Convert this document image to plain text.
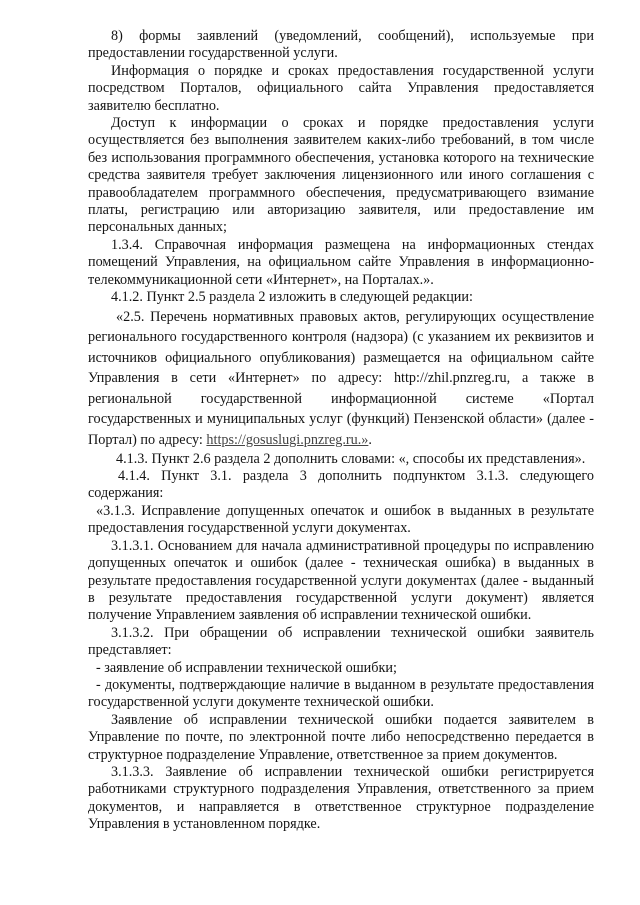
8) формы заявлений (уведомлений, сообщений), используемые при предоставлении государственной услуги.

Информация о порядке и сроках предоставления государственной услуги посредством Порталов, официального сайта Управления предоставляется заявителю бесплатно.

Доступ к информации о сроках и порядке предоставления услуги осуществляется без выполнения заявителем каких-либо требований, в том числе без использования программного обеспечения, установка которого на технические средства заявителя требует заключения лицензионного или иного соглашения с правообладателем программного обеспечения, предусматривающего взимание платы, регистрацию или авторизацию заявителя, или предоставление им персональных данных;

1.3.4. Справочная информация размещена на информационных стендах помещений Управления, на официальном сайте Управления в информационно-телекоммуникационной сети «Интернет», на Порталах.».

4.1.2. Пункт 2.5 раздела 2 изложить в следующей редакции:

«2.5. Перечень нормативных правовых актов, регулирующих осуществление регионального государственного контроля (надзора) (с указанием их реквизитов и источников официального опубликования) размещается на официальном сайте Управления в сети «Интернет» по адресу: http://zhil.pnzreg.ru, а также в региональной государственной информационной системе «Портал государственных и муниципальных услуг (функций) Пензенской области» (далее - Портал) по адресу: https://gosuslugi.pnzreg.ru.».

4.1.3. Пункт 2.6 раздела 2 дополнить словами: «, способы их представления».

4.1.4. Пункт 3.1. раздела 3 дополнить подпунктом 3.1.3. следующего содержания:

«3.1.3. Исправление допущенных опечаток и ошибок в выданных в результате предоставления государственной услуги документах.

3.1.3.1. Основанием для начала административной процедуры по исправлению допущенных опечаток и ошибок (далее - техническая ошибка) в выданных в результате предоставления государственной услуги документах (далее - выданный в результате предоставления государственной услуги документ) является получение Управлением заявления об исправлении технической ошибки.

3.1.3.2. При обращении об исправлении технической ошибки заявитель представляет:

- заявление об исправлении технической ошибки;

- документы, подтверждающие наличие в выданном в результате предоставления государственной услуги документе технической ошибки.

Заявление об исправлении технической ошибки подается заявителем в Управление по почте, по электронной почте либо непосредственно передается в структурное подразделение Управление, ответственное за прием документов.

3.1.3.3. Заявление об исправлении технической ошибки регистрируется работниками структурного подразделения Управления, ответственного за прием документов, и направляется в ответственное структурное подразделение Управления в установленном порядке.
